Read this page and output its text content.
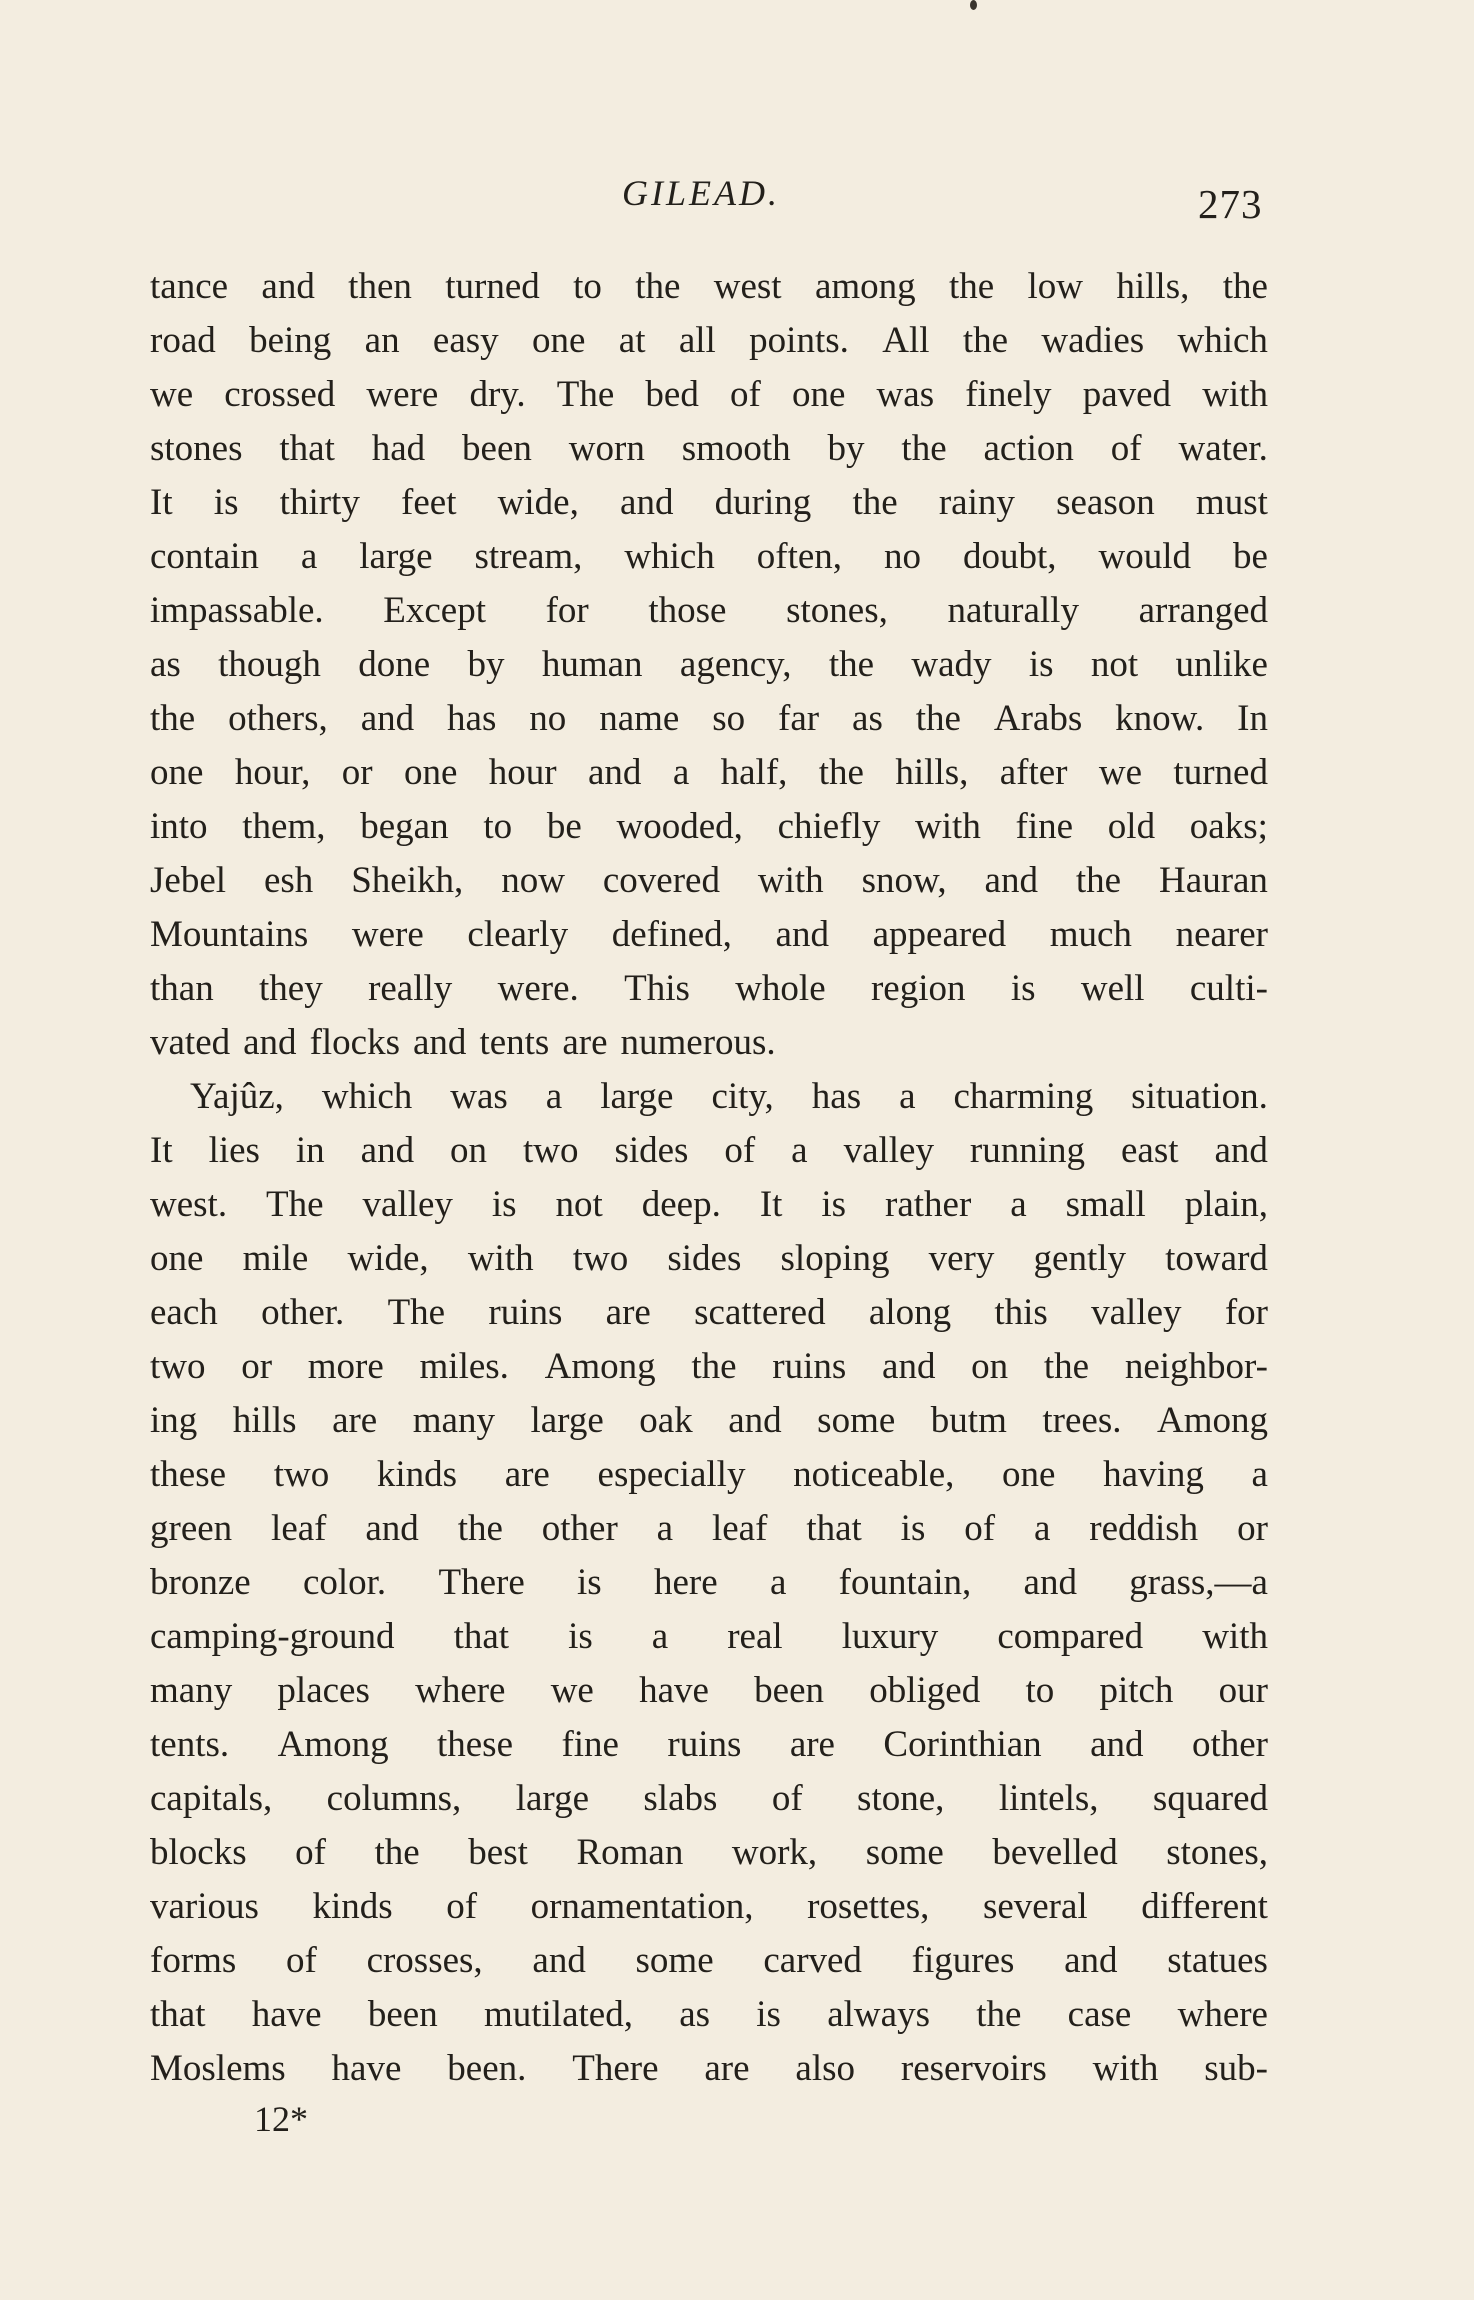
GILEAD.	273
tance and then turned to the west among the low hills, the
road being an easy one at all points. All the wadies which
we crossed were dry. The bed of one was finely paved with
stones that had been worn smooth by the action of water.
It is thirty feet wide, and during the rainy season must
contain a large stream, which often, no doubt, would be
impassable. Except for those stones, naturally arranged
as though done by human agency, the wady is not unlike
the others, and has no name so far as the Arabs know. In
one hour, or one hour and a half, the hills, after we turned
into them, began to be wooded, chiefly with fine old oaks;
Jebel esh Sheikh, now covered with snow, and the Hauran
Mountains were clearly defined, and appeared much nearer
than they really were. This whole region is well culti-
vated and flocks and tents are numerous.
Yajûz, which was a large city, has a charming situation.
It lies in and on two sides of a valley running east and
west. The valley is not deep. It is rather a small plain,
one mile wide, with two sides sloping very gently toward
each other. The ruins are scattered along this valley for
two or more miles. Among the ruins and on the neighbor-
ing hills are many large oak and some butm trees. Among
these two kinds are especially noticeable, one having a
green leaf and the other a leaf that is of a reddish or
bronze color. There is here a fountain, and grass,—a
camping-ground that is a real luxury compared with
many places where we have been obliged to pitch our
tents. Among these fine ruins are Corinthian and other
capitals, columns, large slabs of stone, lintels, squared
blocks of the best Roman work, some bevelled stones,
various kinds of ornamentation, rosettes, several different
forms of crosses, and some carved figures and statues
that have been mutilated, as is always the case where
Moslems have been. There are also reservoirs with sub-
12*
